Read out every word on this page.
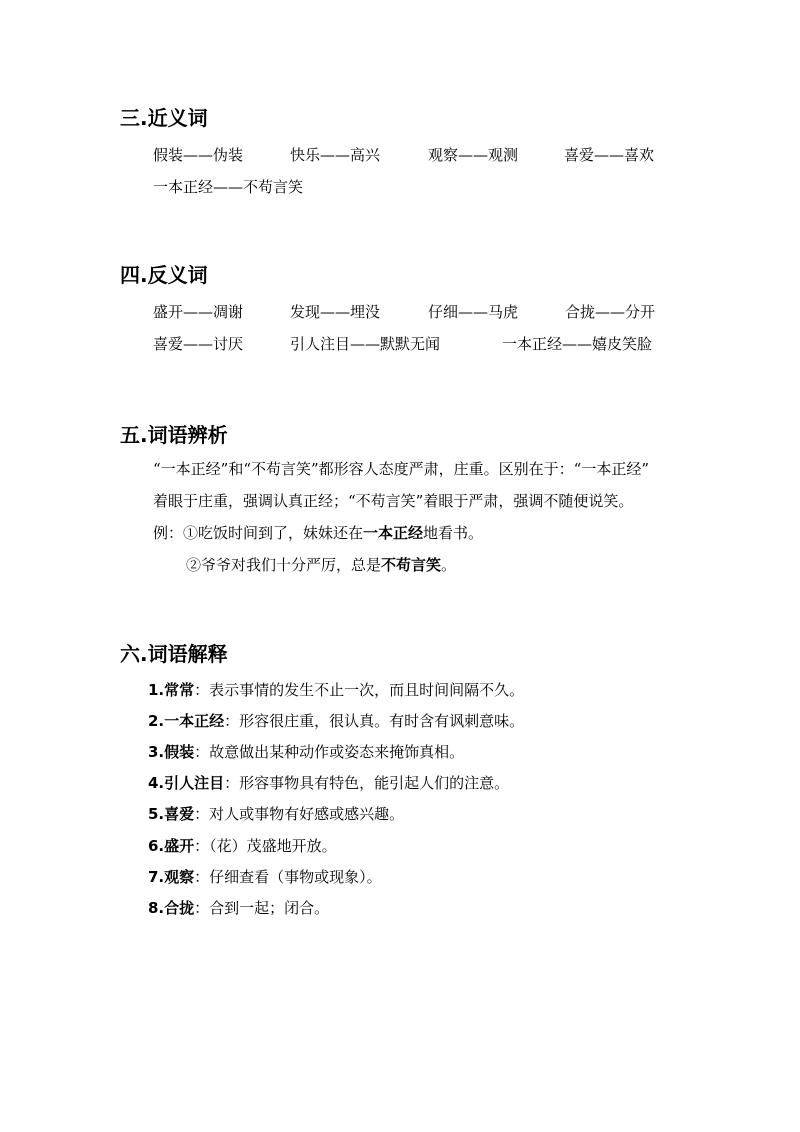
三.近义词
假装——伪装	快乐——高兴	观察——观测	喜爱——喜欢
一本正经——不苟言笑
四.反义词
盛开——凋谢	发现——埋没	仔细——马虎	合拢——分开
喜爱——讨厌	引人注目——默默无闻	一本正经——嬉皮笑脸
五.词语辨析
“一本正经”和“不苟言笑”都形容人态度严肃，庄重。区别在于：“一本正经”
着眼于庄重，强调认真正经；“不苟言笑”着眼于严肃，强调不随便说笑。
例：①吃饭时间到了，妹妹还在一本正经地看书。
②爷爷对我们十分严厉，总是不苟言笑。
六.词语解释
1.常常：表示事情的发生不止一次，而且时间间隔不久。
2.一本正经：形容很庄重，很认真。有时含有讽刺意味。
3.假装：故意做出某种动作或姿态来掩饰真相。
4.引人注目：形容事物具有特色，能引起人们的注意。
5.喜爱：对人或事物有好感或感兴趣。
6.盛开：（花）茂盛地开放。
7.观察：仔细查看（事物或现象）。
8.合拢：合到一起；闭合。
